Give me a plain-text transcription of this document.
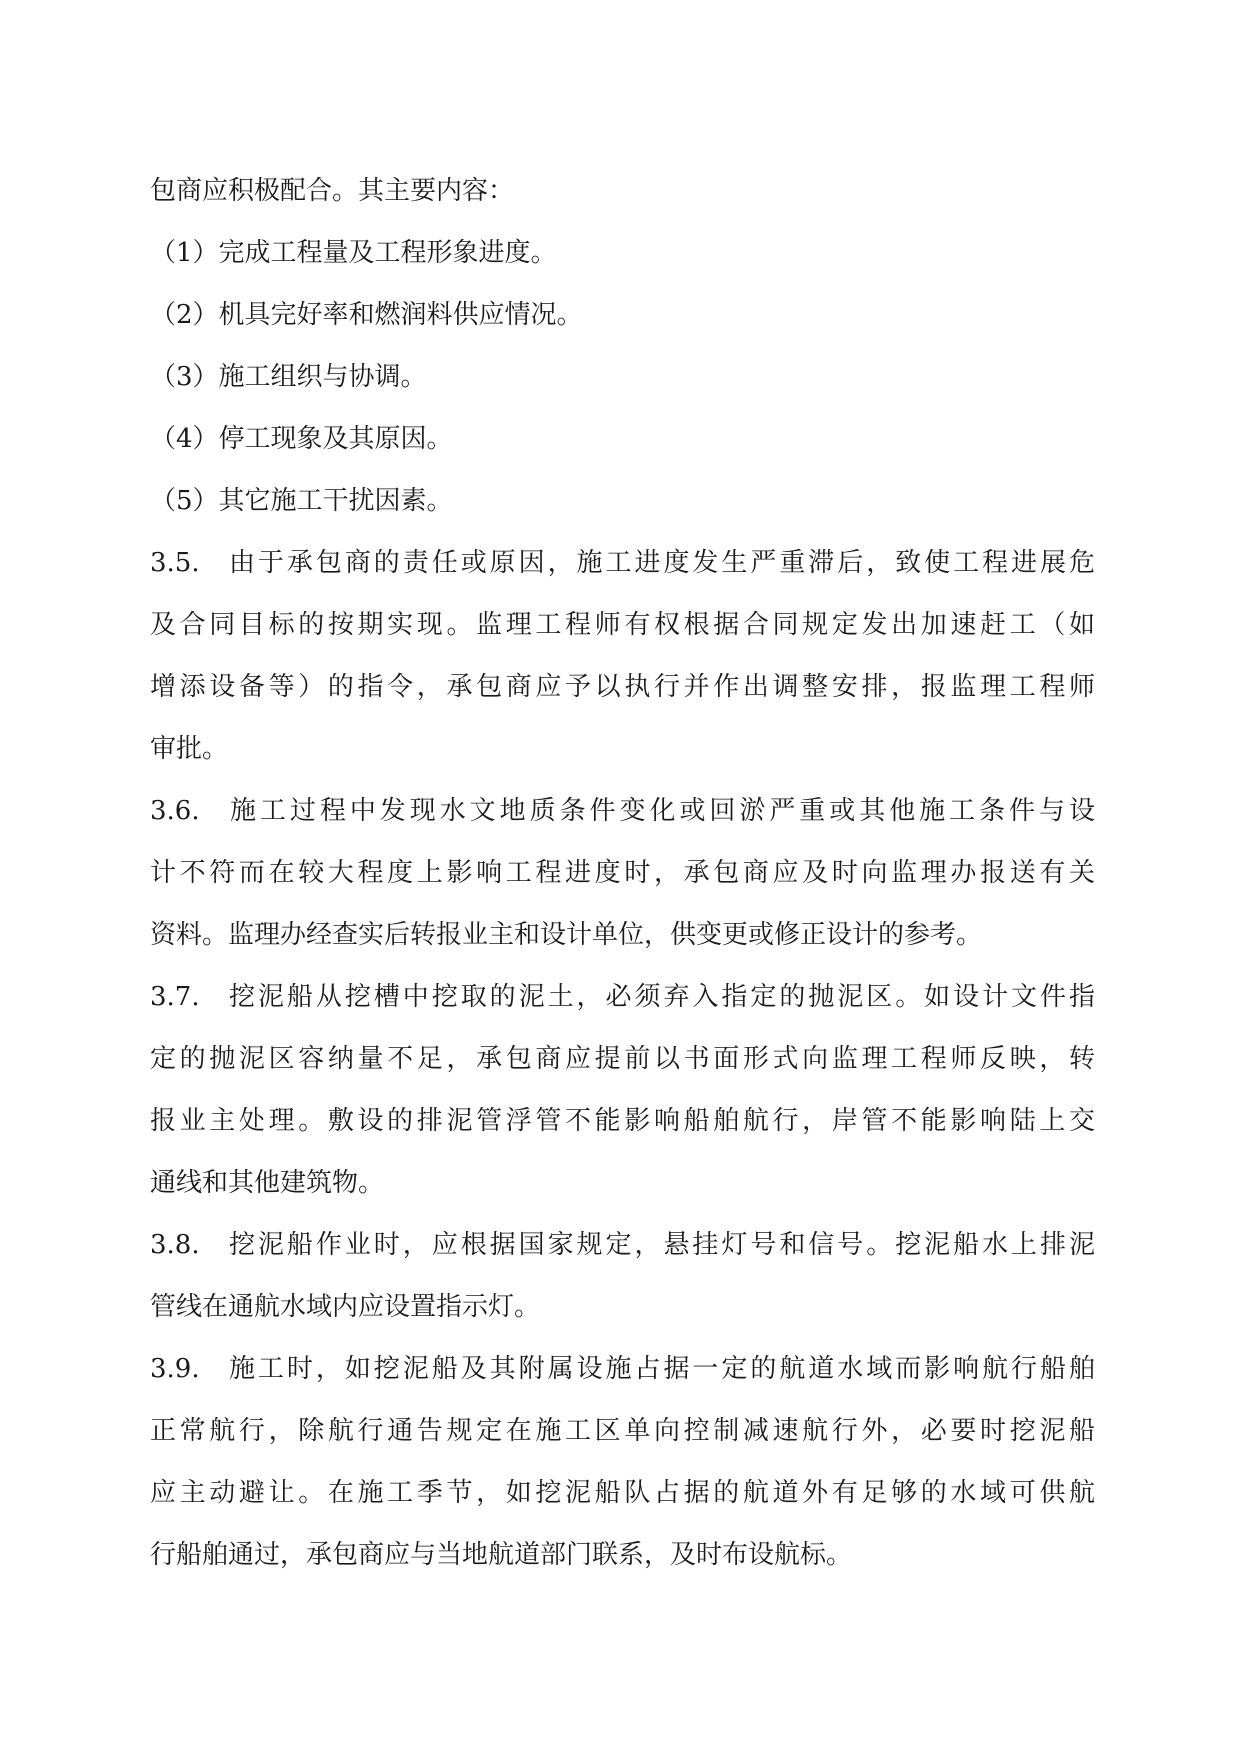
包商应积极配合。其主要内容：
（1）完成工程量及工程形象进度。
（2）机具完好率和燃润料供应情况。
（3）施工组织与协调。
（4）停工现象及其原因。
（5）其它施工干扰因素。
3.5. 由于承包商的责任或原因，施工进度发生严重滞后，致使工程进展危
及合同目标的按期实现。监理工程师有权根据合同规定发出加速赶工（如
增添设备等）的指令，承包商应予以执行并作出调整安排，报监理工程师
审批。
3.6. 施工过程中发现水文地质条件变化或回淤严重或其他施工条件与设
计不符而在较大程度上影响工程进度时，承包商应及时向监理办报送有关
资料。监理办经查实后转报业主和设计单位，供变更或修正设计的参考。
3.7. 挖泥船从挖槽中挖取的泥土，必须弃入指定的抛泥区。如设计文件指
定的抛泥区容纳量不足，承包商应提前以书面形式向监理工程师反映，转
报业主处理。敷设的排泥管浮管不能影响船舶航行，岸管不能影响陆上交
通线和其他建筑物。
3.8. 挖泥船作业时，应根据国家规定，悬挂灯号和信号。挖泥船水上排泥
管线在通航水域内应设置指示灯。
3.9. 施工时，如挖泥船及其附属设施占据一定的航道水域而影响航行船舶
正常航行，除航行通告规定在施工区单向控制减速航行外，必要时挖泥船
应主动避让。在施工季节，如挖泥船队占据的航道外有足够的水域可供航
行船舶通过，承包商应与当地航道部门联系，及时布设航标。
